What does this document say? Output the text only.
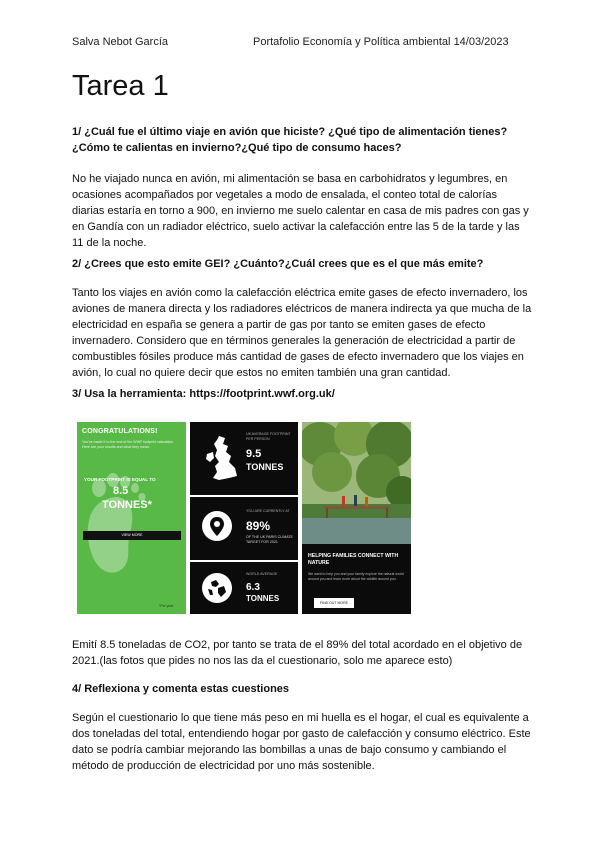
Salva Nebot García	Portafolio Economía y Política ambiental 14/03/2023
Tarea 1

1/ ¿Cuál fue el último viaje en avión que hiciste? ¿Qué tipo de alimentación tienes?¿Cómo te calientas en invierno?¿Qué tipo de consumo haces?

No he viajado nunca en avión, mi alimentación se basa en carbohidratos y legumbres, en ocasiones acompañados por vegetales a modo de ensalada, el conteo total de calorías diarias estaría en torno a 900, en invierno me suelo calentar en casa de mis padres con gas y en Gandía con un radiador eléctrico, suelo activar la calefacción entre las 5 de la tarde y las 11 de la noche.

2/ ¿Crees que esto emite GEI? ¿Cuánto?¿Cuál crees que es el que más emite?

Tanto los viajes en avión como la calefacción eléctrica emite gases de efecto invernadero, los aviones de manera directa y los radiadores eléctricos de manera indirecta ya que mucha de la electricidad en españa se genera a partir de gas por tanto se emiten gases de efecto invernadero. Considero que en términos generales la generación de electricidad a partir de combustibles fósiles produce más cantidad de gases de efecto invernadero que los viajes en avión, lo cual no quiere decir que estos no emiten también una gran cantidad.

3/ Usa la herramienta: https://footprint.wwf.org.uk/

CONGRATULATIONS!
You've made it to the end of the WWF footprint calculator. Here are your results and what they mean.
YOUR FOOTPRINT IS EQUAL TO
8.5
TONNES*
VIEW MORE
*Per year
UK AVERAGE FOOTPRINT PER PERSON
9.5
TONNES
YOU ARE CURRENTLY AT
89%
OF THE UK PARIS CLIMATE TARGET FOR 2021
WORLD AVERAGE
6.3
TONNES
HELPING FAMILIES CONNECT WITH NATURE
We want to help you and your family explore the natural world around you and learn more about the wildlife around you.
FIND OUT MORE

Emití 8.5 toneladas de CO2, por tanto se trata de el 89% del total acordado en el objetivo de 2021.(las fotos que pides no nos las da el cuestionario, solo me aparece esto)

4/ Reflexiona y comenta estas cuestiones

Según el cuestionario lo que tiene más peso en mi huella es el hogar, el cual es equivalente a dos toneladas del total, entendiendo hogar por gasto de calefacción y consumo eléctrico. Este dato se podría cambiar mejorando las bombillas a unas de bajo consumo y cambiando el método de producción de electricidad por uno más sostenible.
